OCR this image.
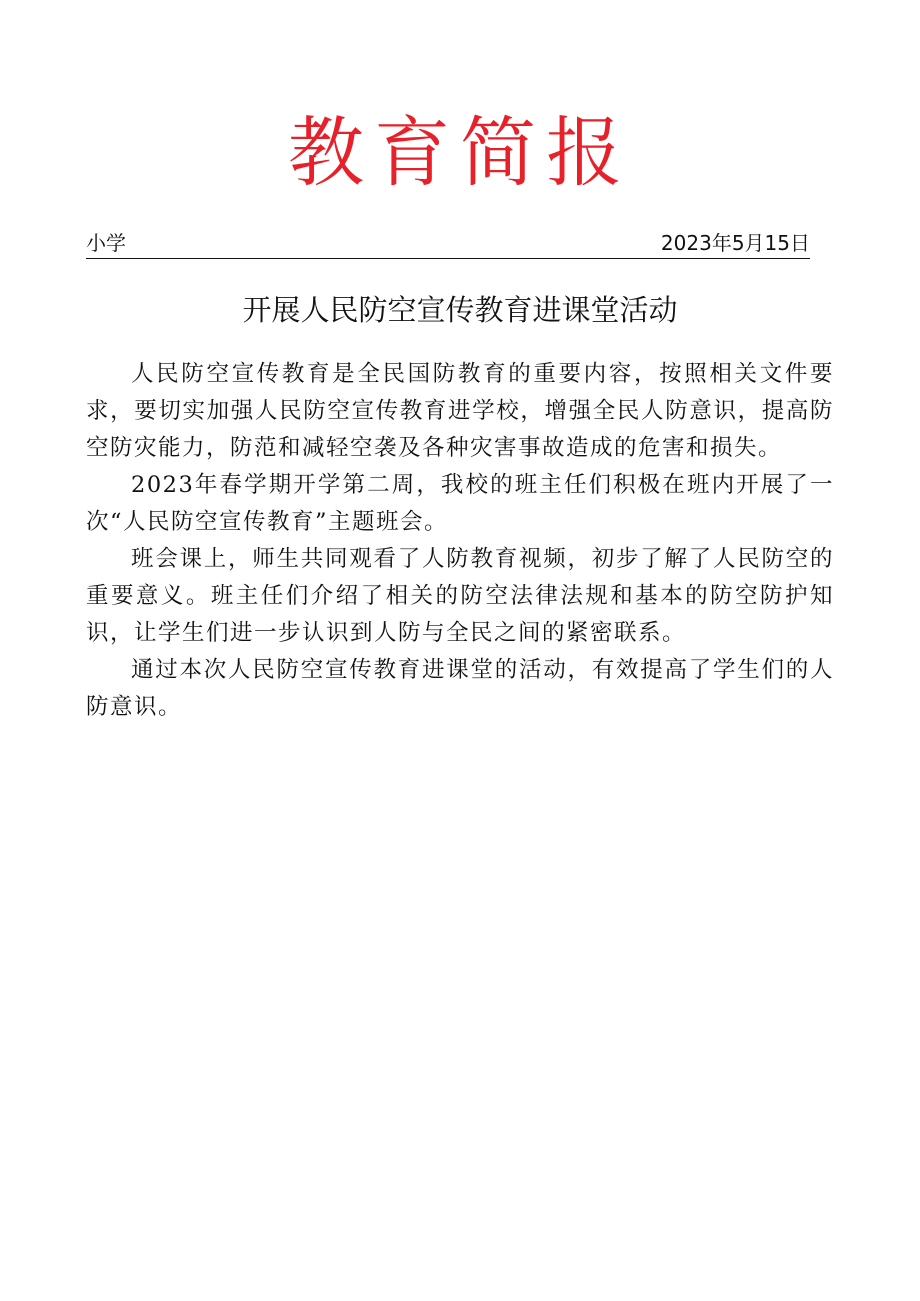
教育简报
小学	2023年5月15日
开展人民防空宣传教育进课堂活动

人民防空宣传教育是全民国防教育的重要内容，按照相关文件要求，要切实加强人民防空宣传教育进学校，增强全民人防意识，提高防空防灾能力，防范和减轻空袭及各种灾害事故造成的危害和损失。

2023年春学期开学第二周，我校的班主任们积极在班内开展了一次“人民防空宣传教育”主题班会。

班会课上，师生共同观看了人防教育视频，初步了解了人民防空的重要意义。班主任们介绍了相关的防空法律法规和基本的防空防护知识，让学生们进一步认识到人防与全民之间的紧密联系。

通过本次人民防空宣传教育进课堂的活动，有效提高了学生们的人防意识。
